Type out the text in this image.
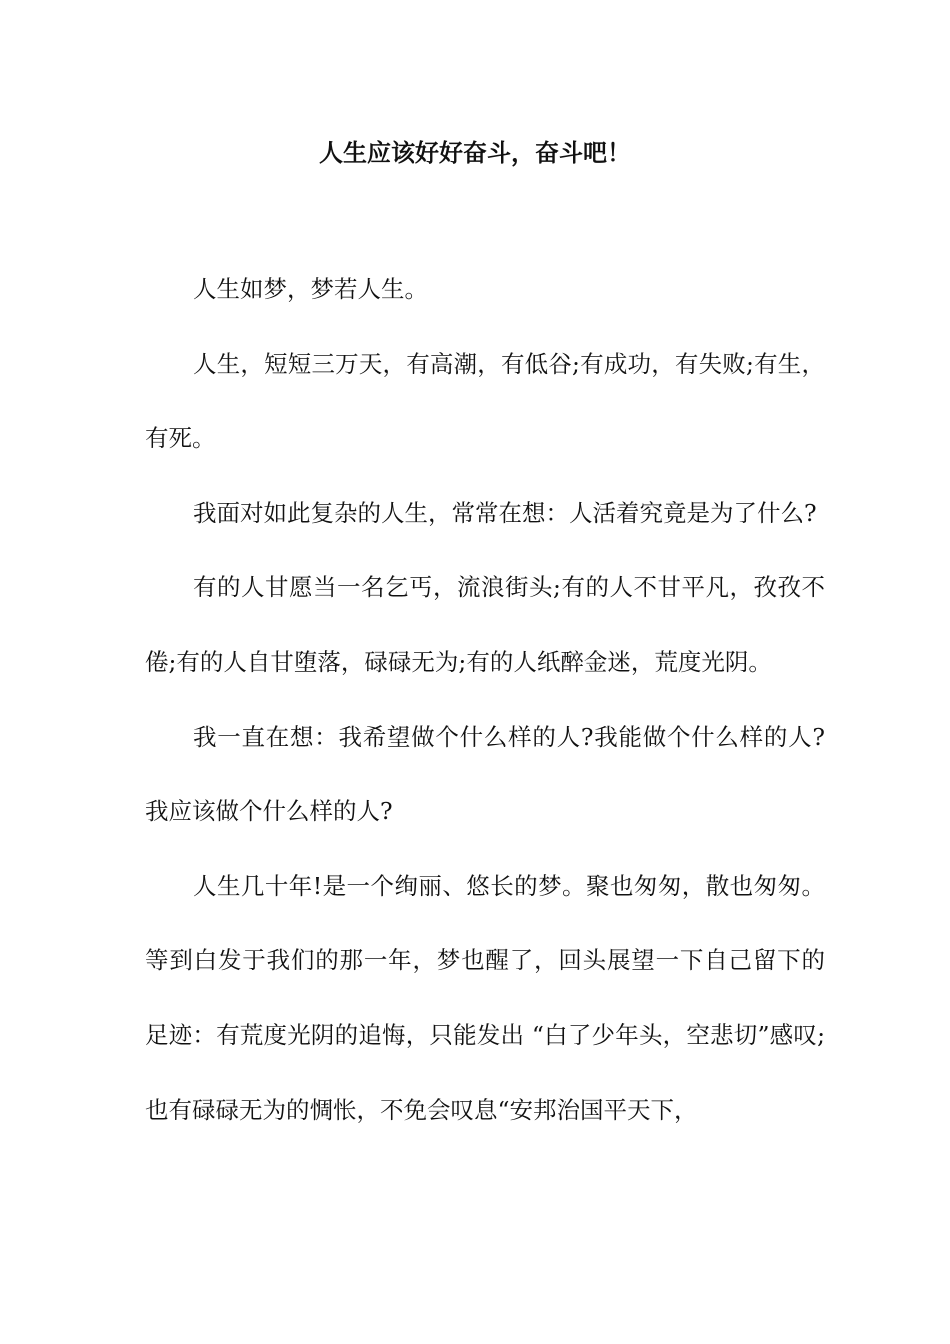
人生应该好好奋斗，奋斗吧！

人生如梦，梦若人生。

人生，短短三万天，有高潮，有低谷;有成功，有失败;有生，有死。

我面对如此复杂的人生，常常在想：人活着究竟是为了什么?

有的人甘愿当一名乞丐，流浪街头;有的人不甘平凡，孜孜不倦;有的人自甘堕落，碌碌无为;有的人纸醉金迷，荒度光阴。

我一直在想：我希望做个什么样的人?我能做个什么样的人?我应该做个什么样的人?

人生几十年!是一个绚丽、悠长的梦。聚也匆匆，散也匆匆。等到白发于我们的那一年，梦也醒了，回头展望一下自己留下的足迹：有荒度光阴的追悔，只能发出 “白了少年头，空悲切”感叹;也有碌碌无为的惆怅，不免会叹息“安邦治国平天下，
